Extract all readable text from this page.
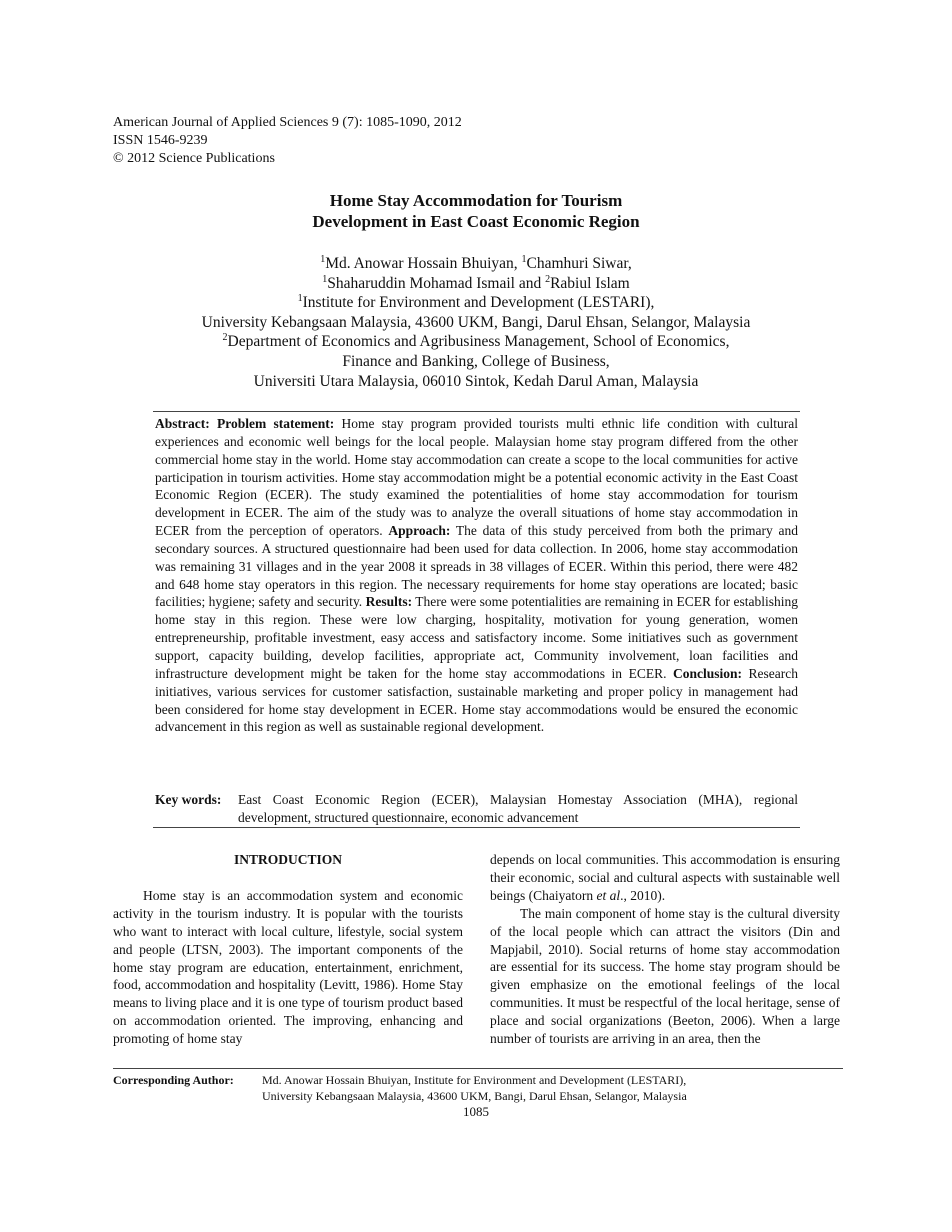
American Journal of Applied Sciences 9 (7): 1085-1090, 2012
ISSN 1546-9239
© 2012 Science Publications
Home Stay Accommodation for Tourism
Development in East Coast Economic Region
$^1$Md. Anowar Hossain Bhuiyan, $^1$Chamhuri Siwar,
$^1$Shaharuddin Mohamad Ismail and $^2$Rabiul Islam
$^1$Institute for Environment and Development (LESTARI),
University Kebangsaan Malaysia, 43600 UKM, Bangi, Darul Ehsan, Selangor, Malaysia
$^2$Department of Economics and Agribusiness Management, School of Economics,
Finance and Banking, College of Business,
Universiti Utara Malaysia, 06010 Sintok, Kedah Darul Aman, Malaysia
Abstract: Problem statement: Home stay program provided tourists multi ethnic life condition with cultural experiences and economic well beings for the local people. Malaysian home stay program differed from the other commercial home stay in the world. Home stay accommodation can create a scope to the local communities for active participation in tourism activities. Home stay accommodation might be a potential economic activity in the East Coast Economic Region (ECER). The study examined the potentialities of home stay accommodation for tourism development in ECER. The aim of the study was to analyze the overall situations of home stay accommodation in ECER from the perception of operators. Approach: The data of this study perceived from both the primary and secondary sources. A structured questionnaire had been used for data collection. In 2006, home stay accommodation was remaining 31 villages and in the year 2008 it spreads in 38 villages of ECER. Within this period, there were 482 and 648 home stay operators in this region. The necessary requirements for home stay operations are located; basic facilities; hygiene; safety and security. Results: There were some potentialities are remaining in ECER for establishing home stay in this region. These were low charging, hospitality, motivation for young generation, women entrepreneurship, profitable investment, easy access and satisfactory income. Some initiatives such as government support, capacity building, develop facilities, appropriate act, Community involvement, loan facilities and infrastructure development might be taken for the home stay accommodations in ECER. Conclusion: Research initiatives, various services for customer satisfaction, sustainable marketing and proper policy in management had been considered for home stay development in ECER. Home stay accommodations would be ensured the economic advancement in this region as well as sustainable regional development.
Key words: East Coast Economic Region (ECER), Malaysian Homestay Association (MHA), regional development, structured questionnaire, economic advancement
INTRODUCTION

Home stay is an accommodation system and economic activity in the tourism industry. It is popular with the tourists who want to interact with local culture, lifestyle, social system and people (LTSN, 2003). The important components of the home stay program are education, entertainment, enrichment, food, accommodation and hospitality (Levitt, 1986). Home Stay means to living place and it is one type of tourism product based on accommodation oriented. The improving, enhancing and promoting of home stay

depends on local communities. This accommodation is ensuring their economic, social and cultural aspects with sustainable well beings (Chaiyatorn et al., 2010).

The main component of home stay is the cultural diversity of the local people which can attract the visitors (Din and Mapjabil, 2010). Social returns of home stay accommodation are essential for its success. The home stay program should be given emphasize on the emotional feelings of the local communities. It must be respectful of the local heritage, sense of place and social organizations (Beeton, 2006). When a large number of tourists are arriving in an area, then the

Corresponding Author: Md. Anowar Hossain Bhuiyan, Institute for Environment and Development (LESTARI),
University Kebangsaan Malaysia, 43600 UKM, Bangi, Darul Ehsan, Selangor, Malaysia
1085
